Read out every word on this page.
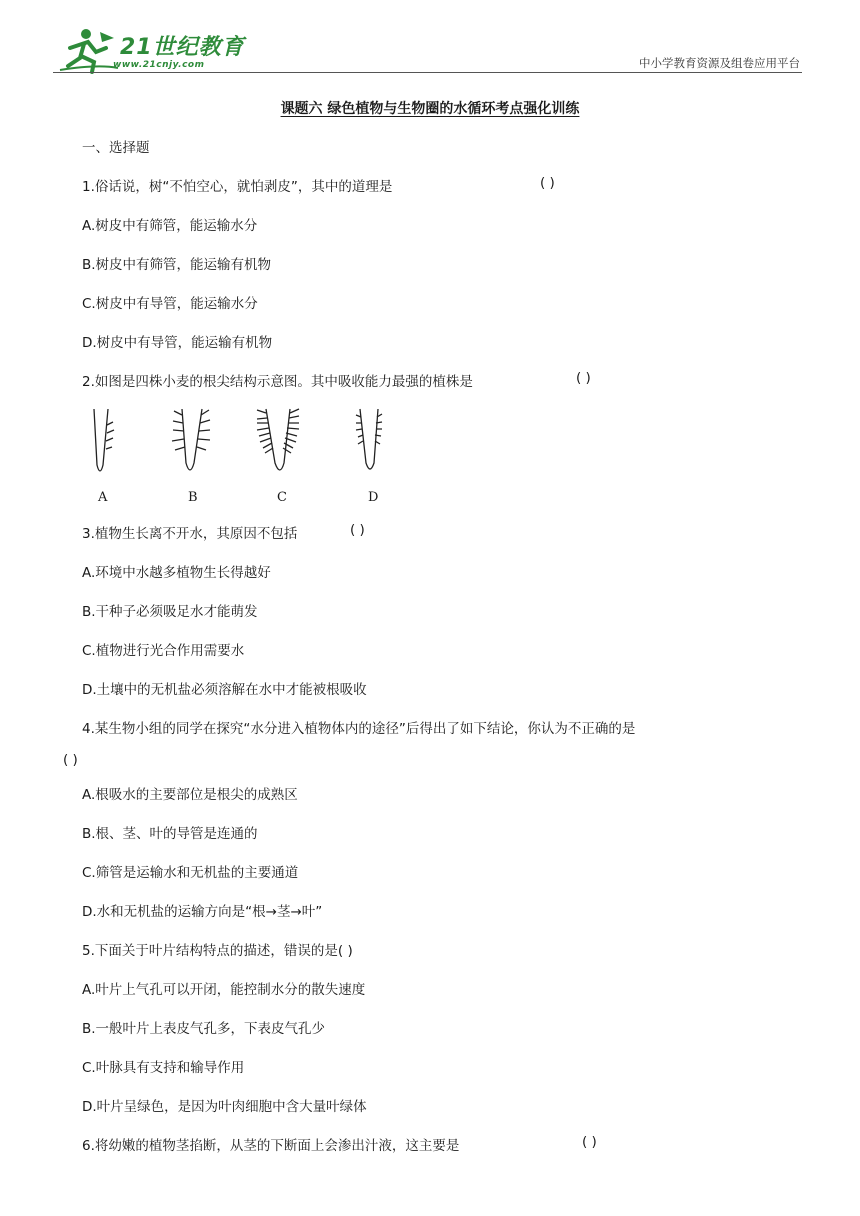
21世纪教育
www.21cnjy.com	中小学教育资源及组卷应用平台
课题六 绿色植物与生物圈的水循环考点强化训练
一、选择题
1.俗话说，树“不怕空心，就怕剥皮”，其中的道理是	( )
A.树皮中有筛管，能运输水分
B.树皮中有筛管，能运输有机物
C.树皮中有导管，能运输水分
D.树皮中有导管，能运输有机物
2.如图是四株小麦的根尖结构示意图。其中吸收能力最强的植株是	( )
A	B	C	D
3.植物生长离不开水，其原因不包括	( )
A.环境中水越多植物生长得越好
B.干种子必须吸足水才能萌发
C.植物进行光合作用需要水
D.土壤中的无机盐必须溶解在水中才能被根吸收
4.某生物小组的同学在探究“水分进入植物体内的途径”后得出了如下结论，你认为不正确的是
( )
A.根吸水的主要部位是根尖的成熟区
B.根、茎、叶的导管是连通的
C.筛管是运输水和无机盐的主要通道
D.水和无机盐的运输方向是“根→茎→叶”
5.下面关于叶片结构特点的描述，错误的是( )
A.叶片上气孔可以开闭，能控制水分的散失速度
B.一般叶片上表皮气孔多，下表皮气孔少
C.叶脉具有支持和输导作用
D.叶片呈绿色，是因为叶肉细胞中含大量叶绿体
6.将幼嫩的植物茎掐断，从茎的下断面上会渗出汁液，这主要是	( )
